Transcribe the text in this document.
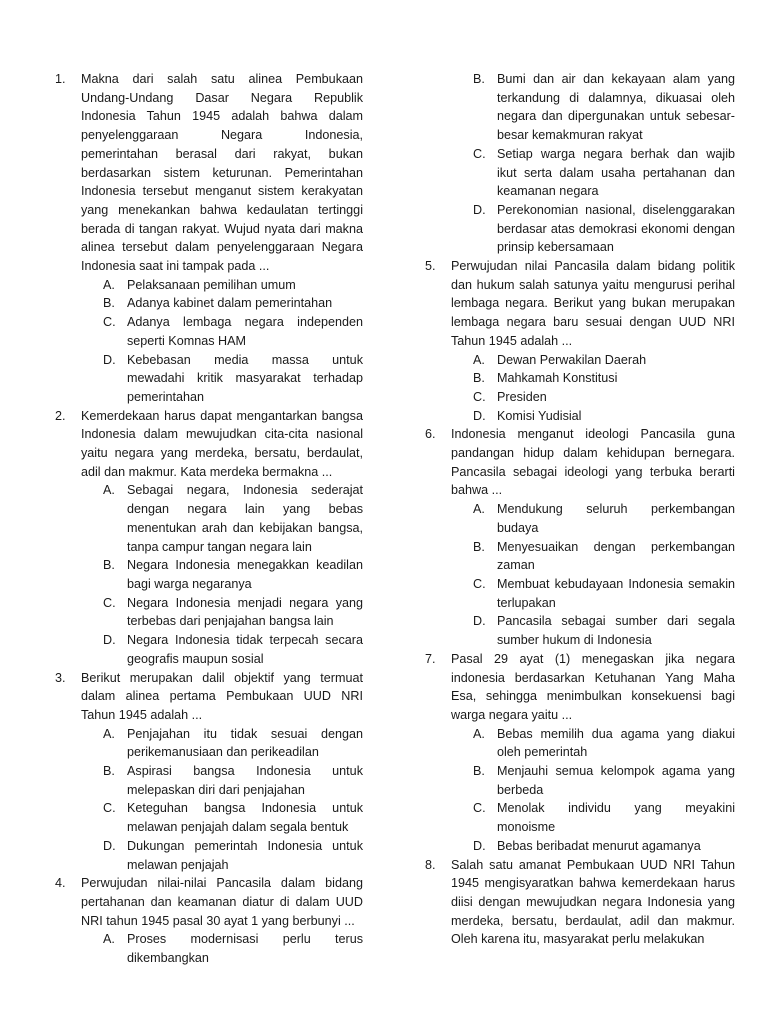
1.	Makna dari salah satu alinea Pembukaan Undang-Undang Dasar Negara Republik Indonesia Tahun 1945 adalah bahwa dalam penyelenggaraan Negara Indonesia, pemerintahan berasal dari rakyat, bukan berdasarkan sistem keturunan. Pemerintahan Indonesia tersebut menganut sistem kerakyatan yang menekankan bahwa kedaulatan tertinggi berada di tangan rakyat. Wujud nyata dari makna alinea tersebut dalam penyelenggaraan Negara Indonesia saat ini tampak pada ...
A. Pelaksanaan pemilihan umum
B. Adanya kabinet dalam pemerintahan
C. Adanya lembaga negara independen seperti Komnas HAM
D. Kebebasan media massa untuk mewadahi kritik masyarakat terhadap pemerintahan
2.	Kemerdekaan harus dapat mengantarkan bangsa Indonesia dalam mewujudkan cita-cita nasional yaitu negara yang merdeka, bersatu, berdaulat, adil dan makmur. Kata merdeka bermakna ...
A. Sebagai negara, Indonesia sederajat dengan negara lain yang bebas menentukan arah dan kebijakan bangsa, tanpa campur tangan negara lain
B. Negara Indonesia menegakkan keadilan bagi warga negaranya
C. Negara Indonesia menjadi negara yang terbebas dari penjajahan bangsa lain
D. Negara Indonesia tidak terpecah secara geografis maupun sosial
3.	Berikut merupakan dalil objektif yang termuat dalam alinea pertama Pembukaan UUD NRI Tahun 1945 adalah ...
A. Penjajahan itu tidak sesuai dengan perikemanusiaan dan perikeadilan
B. Aspirasi bangsa Indonesia untuk melepaskan diri dari penjajahan
C. Keteguhan bangsa Indonesia untuk melawan penjajah dalam segala bentuk
D. Dukungan pemerintah Indonesia untuk melawan penjajah
4.	Perwujudan nilai-nilai Pancasila dalam bidang pertahanan dan keamanan diatur di dalam UUD NRI tahun 1945 pasal 30 ayat 1 yang berbunyi ...
A. Proses modernisasi perlu terus dikembangkan
B. Bumi dan air dan kekayaan alam yang terkandung di dalamnya, dikuasai oleh negara dan dipergunakan untuk sebesar-besar kemakmuran rakyat
C. Setiap warga negara berhak dan wajib ikut serta dalam usaha pertahanan dan keamanan negara
D. Perekonomian nasional, diselenggarakan berdasar atas demokrasi ekonomi dengan prinsip kebersamaan
5.	Perwujudan nilai Pancasila dalam bidang politik dan hukum salah satunya yaitu mengurusi perihal lembaga negara. Berikut yang bukan merupakan lembaga negara baru sesuai dengan UUD NRI Tahun 1945 adalah ...
A. Dewan Perwakilan Daerah
B. Mahkamah Konstitusi
C. Presiden
D. Komisi Yudisial
6.	Indonesia menganut ideologi Pancasila guna pandangan hidup dalam kehidupan bernegara. Pancasila sebagai ideologi yang terbuka berarti bahwa ...
A. Mendukung seluruh perkembangan budaya
B. Menyesuaikan dengan perkembangan zaman
C. Membuat kebudayaan Indonesia semakin terlupakan
D. Pancasila sebagai sumber dari segala sumber hukum di Indonesia
7.	Pasal 29 ayat (1) menegaskan jika negara indonesia berdasarkan Ketuhanan Yang Maha Esa, sehingga menimbulkan konsekuensi bagi warga negara yaitu ...
A. Bebas memilih dua agama yang diakui oleh pemerintah
B. Menjauhi semua kelompok agama yang berbeda
C. Menolak individu yang meyakini monoisme
D. Bebas beribadat menurut agamanya
8.	Salah satu amanat Pembukaan UUD NRI Tahun 1945 mengisyaratkan bahwa kemerdekaan harus diisi dengan mewujudkan negara Indonesia yang merdeka, bersatu, berdaulat, adil dan makmur. Oleh karena itu, masyarakat perlu melakukan
